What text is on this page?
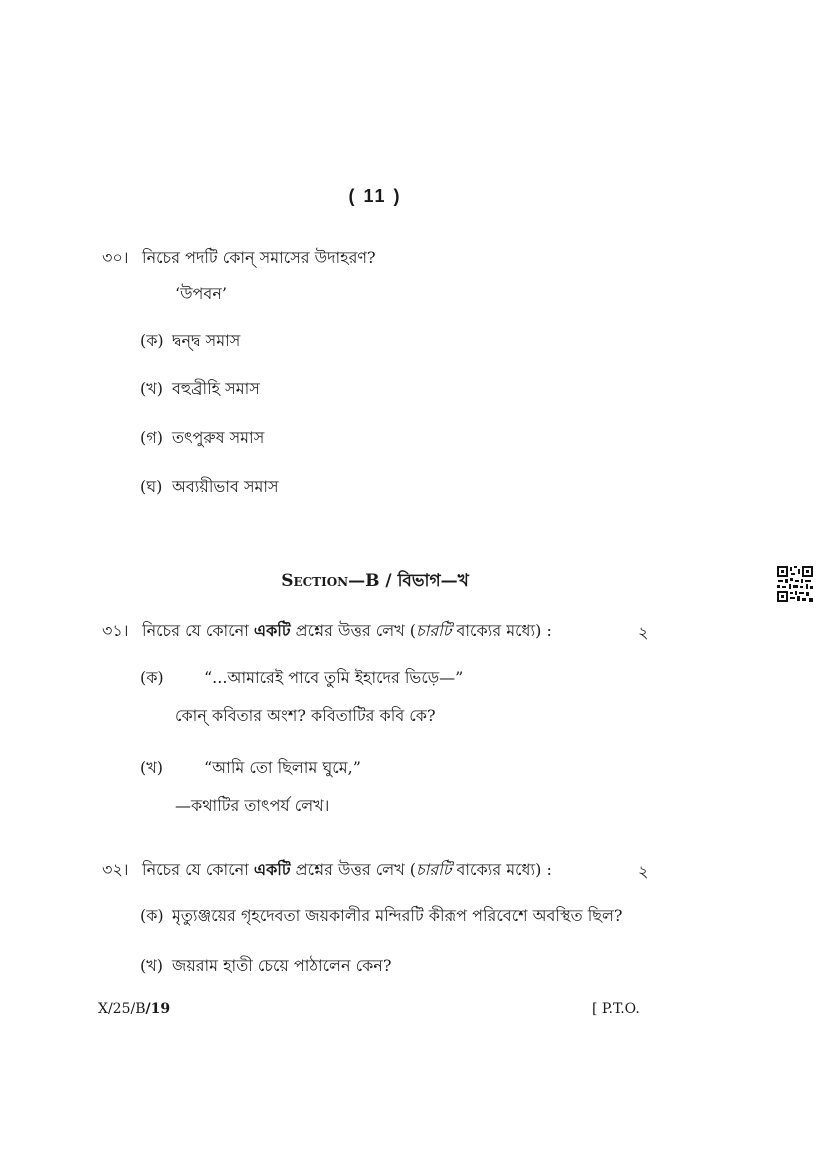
( 11 )
৩০। নিচের পদটি কোন্ সমাসের উদাহরণ?
‘উপবন’
(ক) দ্বন্দ্ব সমাস
(খ) বহুব্রীহি সমাস
(গ) তৎপুরুষ সমাস
(ঘ) অব্যয়ীভাব সমাস
Section—B / বিভাগ—খ
৩১। নিচের যে কোনো একটি প্রশ্নের উত্তর লেখ (চারটি বাক্যের মধ্যে) :	২
(ক)	“...আমারেই পাবে তুমি ইহাদের ভিড়ে—”
কোন্ কবিতার অংশ? কবিতাটির কবি কে?
(খ)	“আমি তো ছিলাম ঘুমে,”
—কথাটির তাৎপর্য লেখ।
৩২। নিচের যে কোনো একটি প্রশ্নের উত্তর লেখ (চারটি বাক্যের মধ্যে) :	২
(ক) মৃত্যুঞ্জয়ের গৃহদেবতা জয়কালীর মন্দিরটি কীরূপ পরিবেশে অবস্থিত ছিল?
(খ) জয়রাম হাতী চেয়ে পাঠালেন কেন?
X/25/B/19	[ P.T.O.
